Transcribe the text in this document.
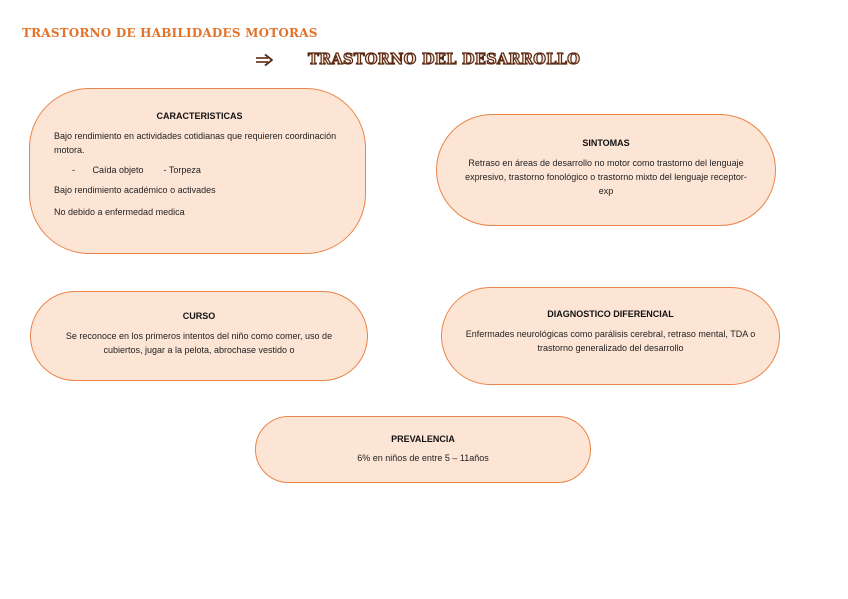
TRASTORNO DE HABILIDADES MOTORAS
TRASTORNO DEL DESARROLLO

CARACTERISTICAS

Bajo rendimiento en actividades cotidianas que requieren coordinación motora.

-       Caída objeto        - Torpeza

Bajo rendimiento académico o activades

No debido a enfermedad medica

SINTOMAS

Retraso en áreas de desarrollo no motor como trastorno del lenguaje expresivo, trastorno fonológico o trastorno mixto del lenguaje receptor-exp

CURSO

Se reconoce en los primeros intentos del niño como comer, uso de cubiertos, jugar a la pelota, abrochase vestido o

DIAGNOSTICO DIFERENCIAL

Enfermades neurológicas como parálisis cerebral, retraso mental, TDA o trastorno generalizado del desarrollo

PREVALENCIA

6% en niños de entre 5 – 11años
